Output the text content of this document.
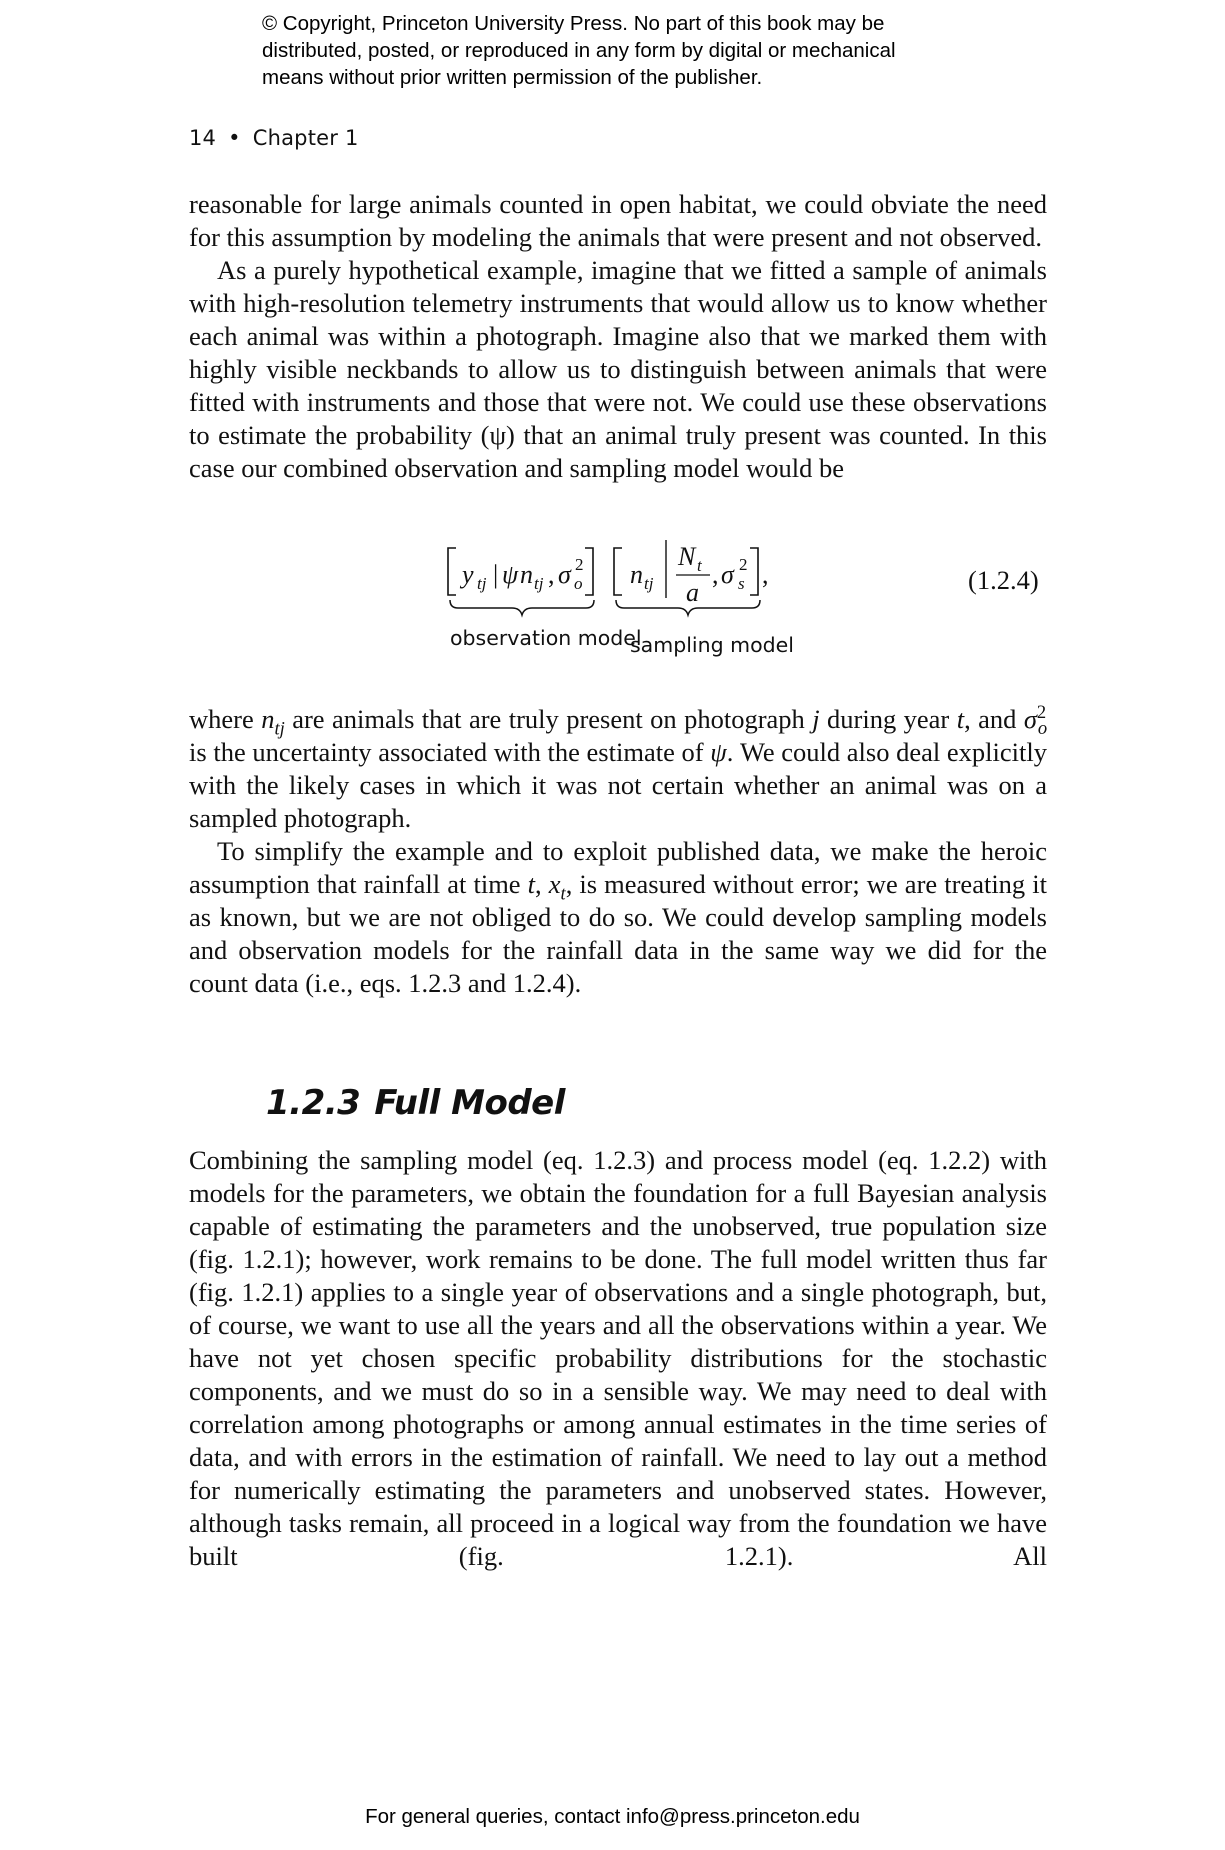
© Copyright, Princeton University Press. No part of this book may be
distributed, posted, or reproduced in any form by digital or mechanical
means without prior written permission of the publisher.
14 • Chapter 1

reasonable for large animals counted in open habitat, we could obviate the need for this assumption by modeling the animals that were present and not observed.

As a purely hypothetical example, imagine that we fitted a sample of animals with high-resolution telemetry instruments that would allow us to know whether each animal was within a photograph. Imagine also that we marked them with highly visible neckbands to allow us to distinguish between animals that were fitted with instruments and those that were not. We could use these observations to estimate the probability (ψ) that an animal truly present was counted. In this case our combined observation and sampling model would be

y tj | ψ n tj , σ 2
o
observation model
n tj
N t
a
, σ 2
s ,
sampling model
(1.2.4)

where $n_{tj}$ are animals that are truly present on photograph j during year t, and $\sigma^2_o$ is the uncertainty associated with the estimate of ψ. We could also deal explicitly with the likely cases in which it was not certain whether an animal was on a sampled photograph.

To simplify the example and to exploit published data, we make the heroic assumption that rainfall at time t, $x_t$, is measured without error; we are treating it as known, but we are not obliged to do so. We could develop sampling models and observation models for the rainfall data in the same way we did for the count data (i.e., eqs. 1.2.3 and 1.2.4).

1.2.3 Full Model

Combining the sampling model (eq. 1.2.3) and process model (eq. 1.2.2) with models for the parameters, we obtain the foundation for a full Bayesian analysis capable of estimating the parameters and the unobserved, true population size (fig. 1.2.1); however, work remains to be done. The full model written thus far (fig. 1.2.1) applies to a single year of observations and a single photograph, but, of course, we want to use all the years and all the observations within a year. We have not yet chosen specific probability distributions for the stochastic components, and we must do so in a sensible way. We may need to deal with correlation among photographs or among annual estimates in the time series of data, and with errors in the estimation of rainfall. We need to lay out a method for numerically estimating the parameters and unobserved states. However, although tasks remain, all proceed in a logical way from the foundation we have built (fig. 1.2.1). All

For general queries, contact info@press.princeton.edu
